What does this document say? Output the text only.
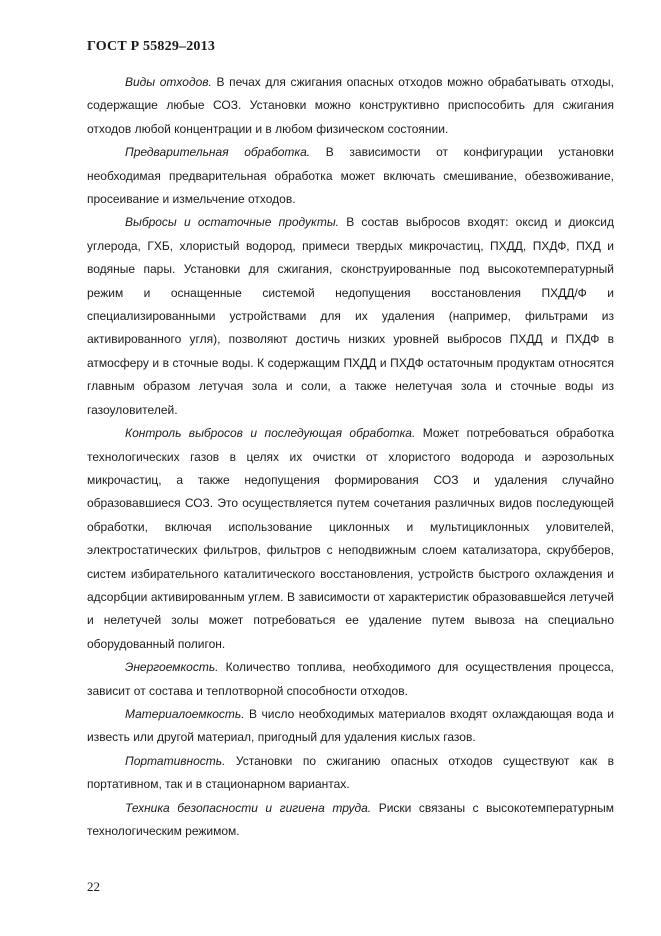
ГОСТ Р 55829–2013

Виды отходов. В печах для сжигания опасных отходов можно обрабатывать отходы, содержащие любые СОЗ. Установки можно конструктивно приспособить для сжигания отходов любой концентрации и в любом физическом состоянии.

Предварительная обработка. В зависимости от конфигурации установки необходимая предварительная обработка может включать смешивание, обезвоживание, просеивание и измельчение отходов.

Выбросы и остаточные продукты. В состав выбросов входят: оксид и диоксид углерода, ГХБ, хлористый водород, примеси твердых микрочастиц, ПХДД, ПХДФ, ПХД и водяные пары. Установки для сжигания, сконструированные под высокотемпературный режим и оснащенные системой недопущения восстановления ПХДД/Ф и специализированными устройствами для их удаления (например, фильтрами из активированного угля), позволяют достичь низких уровней выбросов ПХДД и ПХДФ в атмосферу и в сточные воды. К содержащим ПХДД и ПХДФ остаточным продуктам относятся главным образом летучая зола и соли, а также нелетучая зола и сточные воды из газоуловителей.

Контроль выбросов и последующая обработка. Может потребоваться обработка технологических газов в целях их очистки от хлористого водорода и аэрозольных микрочастиц, а также недопущения формирования СОЗ и удаления случайно образовавшиеся СОЗ. Это осуществляется путем сочетания различных видов последующей обработки, включая использование циклонных и мультициклонных уловителей, электростатических фильтров, фильтров с неподвижным слоем катализатора, скрубберов, систем избирательного каталитического восстановления, устройств быстрого охлаждения и адсорбции активированным углем. В зависимости от характеристик образовавшейся летучей и нелетучей золы может потребоваться ее удаление путем вывоза на специально оборудованный полигон.

Энергоемкость. Количество топлива, необходимого для осуществления процесса, зависит от состава и теплотворной способности отходов.

Материалоемкость. В число необходимых материалов входят охлаждающая вода и известь или другой материал, пригодный для удаления кислых газов.

Портативность. Установки по сжиганию опасных отходов существуют как в портативном, так и в стационарном вариантах.

Техника безопасности и гигиена труда. Риски связаны с высокотемпературным технологическим режимом.

22
